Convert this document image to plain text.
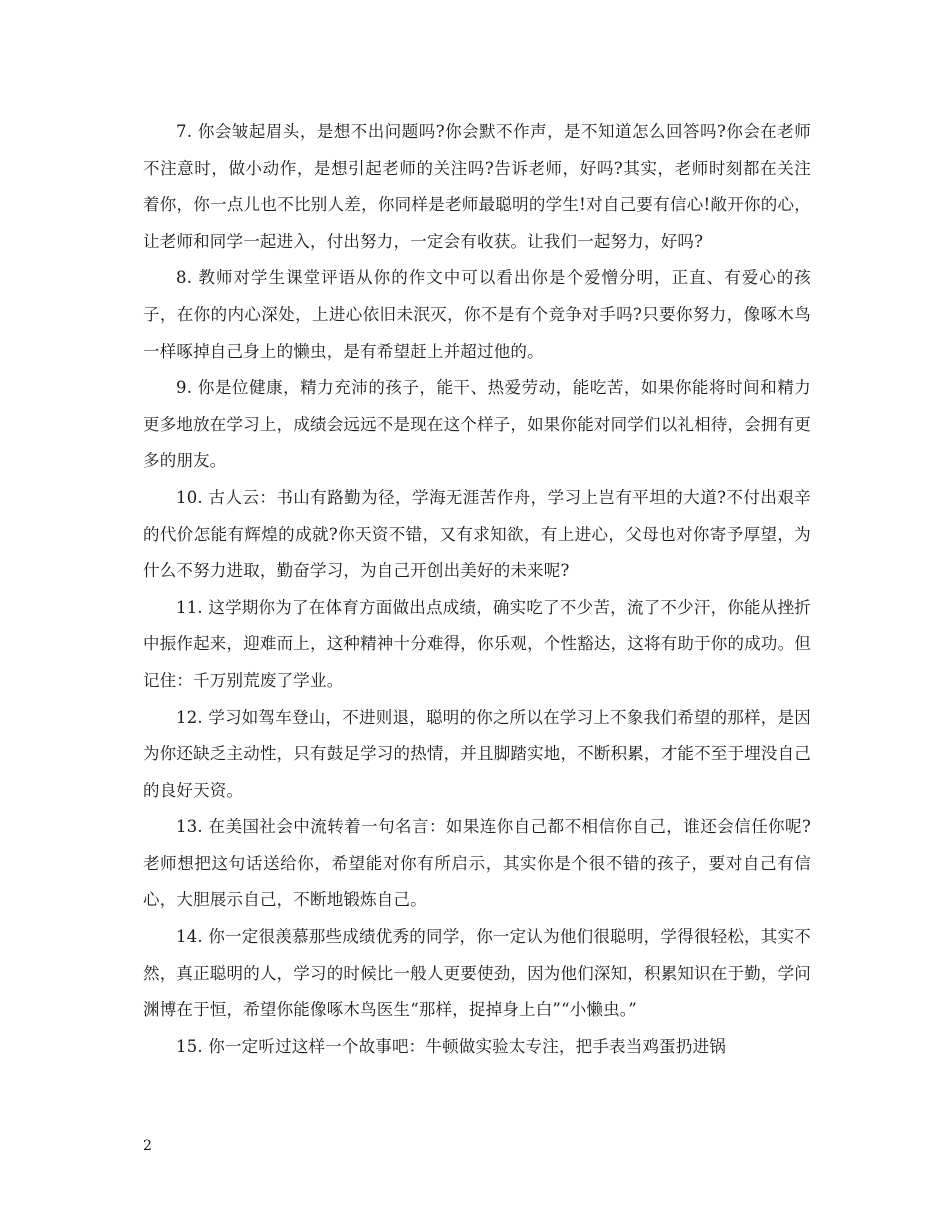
7. 你会皱起眉头，是想不出问题吗?你会默不作声，是不知道怎么回答吗?你会在老师不注意时，做小动作，是想引起老师的关注吗?告诉老师，好吗?其实，老师时刻都在关注着你，你一点儿也不比别人差，你同样是老师最聪明的学生!对自己要有信心!敞开你的心，让老师和同学一起进入，付出努力，一定会有收获。让我们一起努力，好吗?

8. 教师对学生课堂评语从你的作文中可以看出你是个爱憎分明，正直、有爱心的孩子，在你的内心深处，上进心依旧未泯灭，你不是有个竞争对手吗?只要你努力，像啄木鸟一样啄掉自己身上的懒虫，是有希望赶上并超过他的。

9. 你是位健康，精力充沛的孩子，能干、热爱劳动，能吃苦，如果你能将时间和精力更多地放在学习上，成绩会远远不是现在这个样子，如果你能对同学们以礼相待，会拥有更多的朋友。

10. 古人云：书山有路勤为径，学海无涯苦作舟，学习上岂有平坦的大道?不付出艰辛的代价怎能有辉煌的成就?你天资不错，又有求知欲，有上进心，父母也对你寄予厚望，为什么不努力进取，勤奋学习，为自己开创出美好的未来呢?

11. 这学期你为了在体育方面做出点成绩，确实吃了不少苦，流了不少汗，你能从挫折中振作起来，迎难而上，这种精神十分难得，你乐观，个性豁达，这将有助于你的成功。但记住：千万别荒废了学业。

12. 学习如驾车登山，不进则退，聪明的你之所以在学习上不象我们希望的那样，是因为你还缺乏主动性，只有鼓足学习的热情，并且脚踏实地，不断积累，才能不至于埋没自己的良好天资。

13. 在美国社会中流转着一句名言：如果连你自己都不相信你自己，谁还会信任你呢?老师想把这句话送给你，希望能对你有所启示，其实你是个很不错的孩子，要对自己有信心，大胆展示自己，不断地锻炼自己。

14. 你一定很羡慕那些成绩优秀的同学，你一定认为他们很聪明，学得很轻松，其实不然，真正聪明的人，学习的时候比一般人更要使劲，因为他们深知，积累知识在于勤，学问渊博在于恒，希望你能像啄木鸟医生“那样，捉掉身上白”“小懒虫。”

15. 你一定听过这样一个故事吧：牛顿做实验太专注，把手表当鸡蛋扔进锅

2
